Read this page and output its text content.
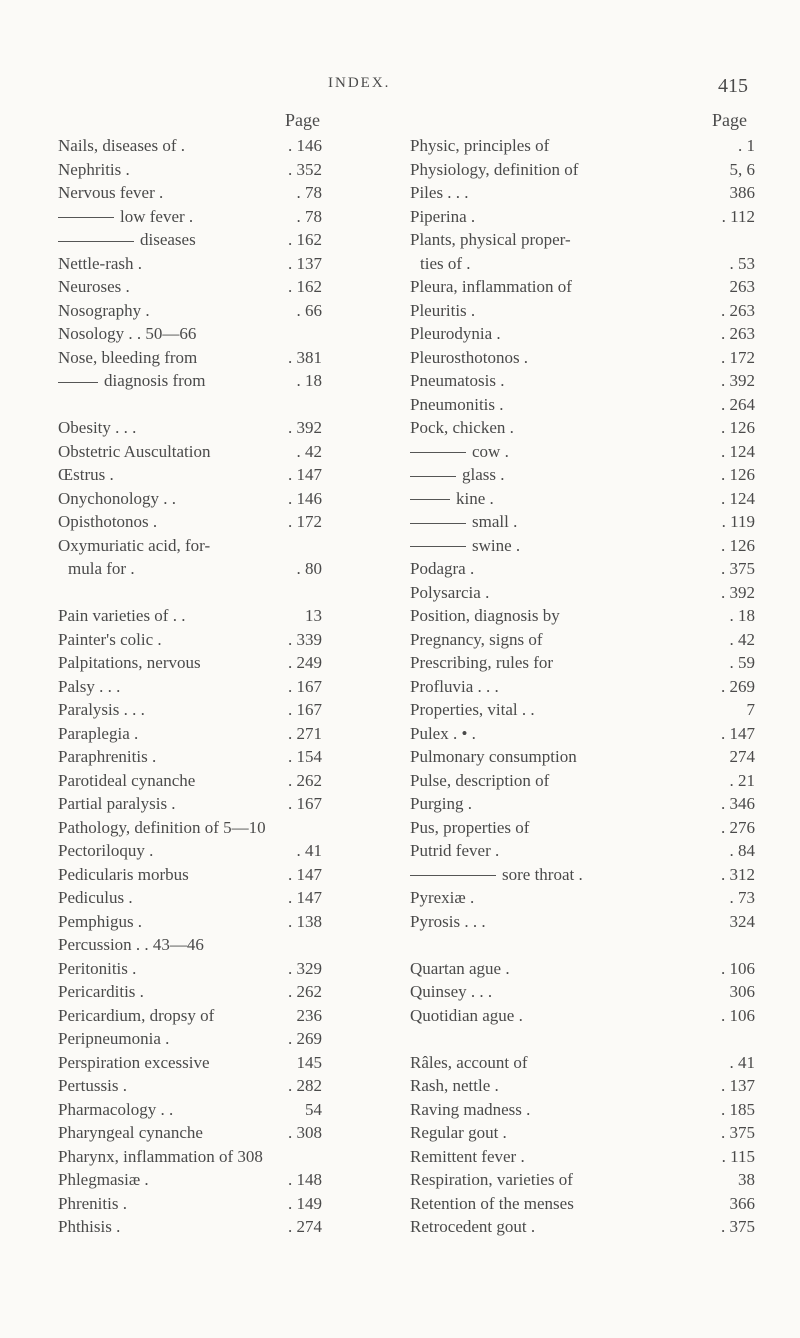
INDEX.	415
Page
Nails, diseases of .	. 146
Nephritis .	. 352
Nervous fever .	. 78
low fever .	. 78
diseases	. 162
Nettle-rash .	. 137
Neuroses .	. 162
Nosography .	. 66
Nosology . . 50—66
Nose, bleeding from	. 381
diagnosis from	. 18
Obesity . . .	. 392
Obstetric Auscultation	. 42
Œstrus .	. 147
Onychonology . .	. 146
Opisthotonos .	. 172
Oxymuriatic acid, for-
mula for .	. 80
Pain varieties of . .	13
Painter's colic .	. 339
Palpitations, nervous	. 249
Palsy . . .	. 167
Paralysis . . .	. 167
Paraplegia .	. 271
Paraphrenitis .	. 154
Parotideal cynanche	. 262
Partial paralysis .	. 167
Pathology, definition of 5—10
Pectoriloquy .	. 41
Pedicularis morbus	. 147
Pediculus .	. 147
Pemphigus .	. 138
Percussion . . 43—46
Peritonitis .	. 329
Pericarditis .	. 262
Pericardium, dropsy of	236
Peripneumonia .	. 269
Perspiration excessive	145
Pertussis .	. 282
Pharmacology . .	54
Pharyngeal cynanche	. 308
Pharynx, inflammation of 308
Phlegmasiæ .	. 148
Phrenitis .	. 149
Phthisis .	. 274
Page
Physic, principles of	. 1
Physiology, definition of	5, 6
Piles . . .	386
Piperina .	. 112
Plants, physical proper-
ties of .	. 53
Pleura, inflammation of	263
Pleuritis .	. 263
Pleurodynia .	. 263
Pleurosthotonos .	. 172
Pneumatosis .	. 392
Pneumonitis .	. 264
Pock, chicken .	. 126
cow .	. 124
glass .	. 126
kine .	. 124
small .	. 119
swine .	. 126
Podagra .	. 375
Polysarcia .	. 392
Position, diagnosis by	. 18
Pregnancy, signs of	. 42
Prescribing, rules for	. 59
Profluvia . . .	. 269
Properties, vital . .	7
Pulex . • .	. 147
Pulmonary consumption	274
Pulse, description of	. 21
Purging .	. 346
Pus, properties of	. 276
Putrid fever .	. 84
sore throat .	. 312
Pyrexiæ .	. 73
Pyrosis . . .	324
Quartan ague .	. 106
Quinsey . . .	306
Quotidian ague .	. 106
Râles, account of	. 41
Rash, nettle .	. 137
Raving madness .	. 185
Regular gout .	. 375
Remittent fever .	. 115
Respiration, varieties of	38
Retention of the menses	366
Retrocedent gout .	. 375
